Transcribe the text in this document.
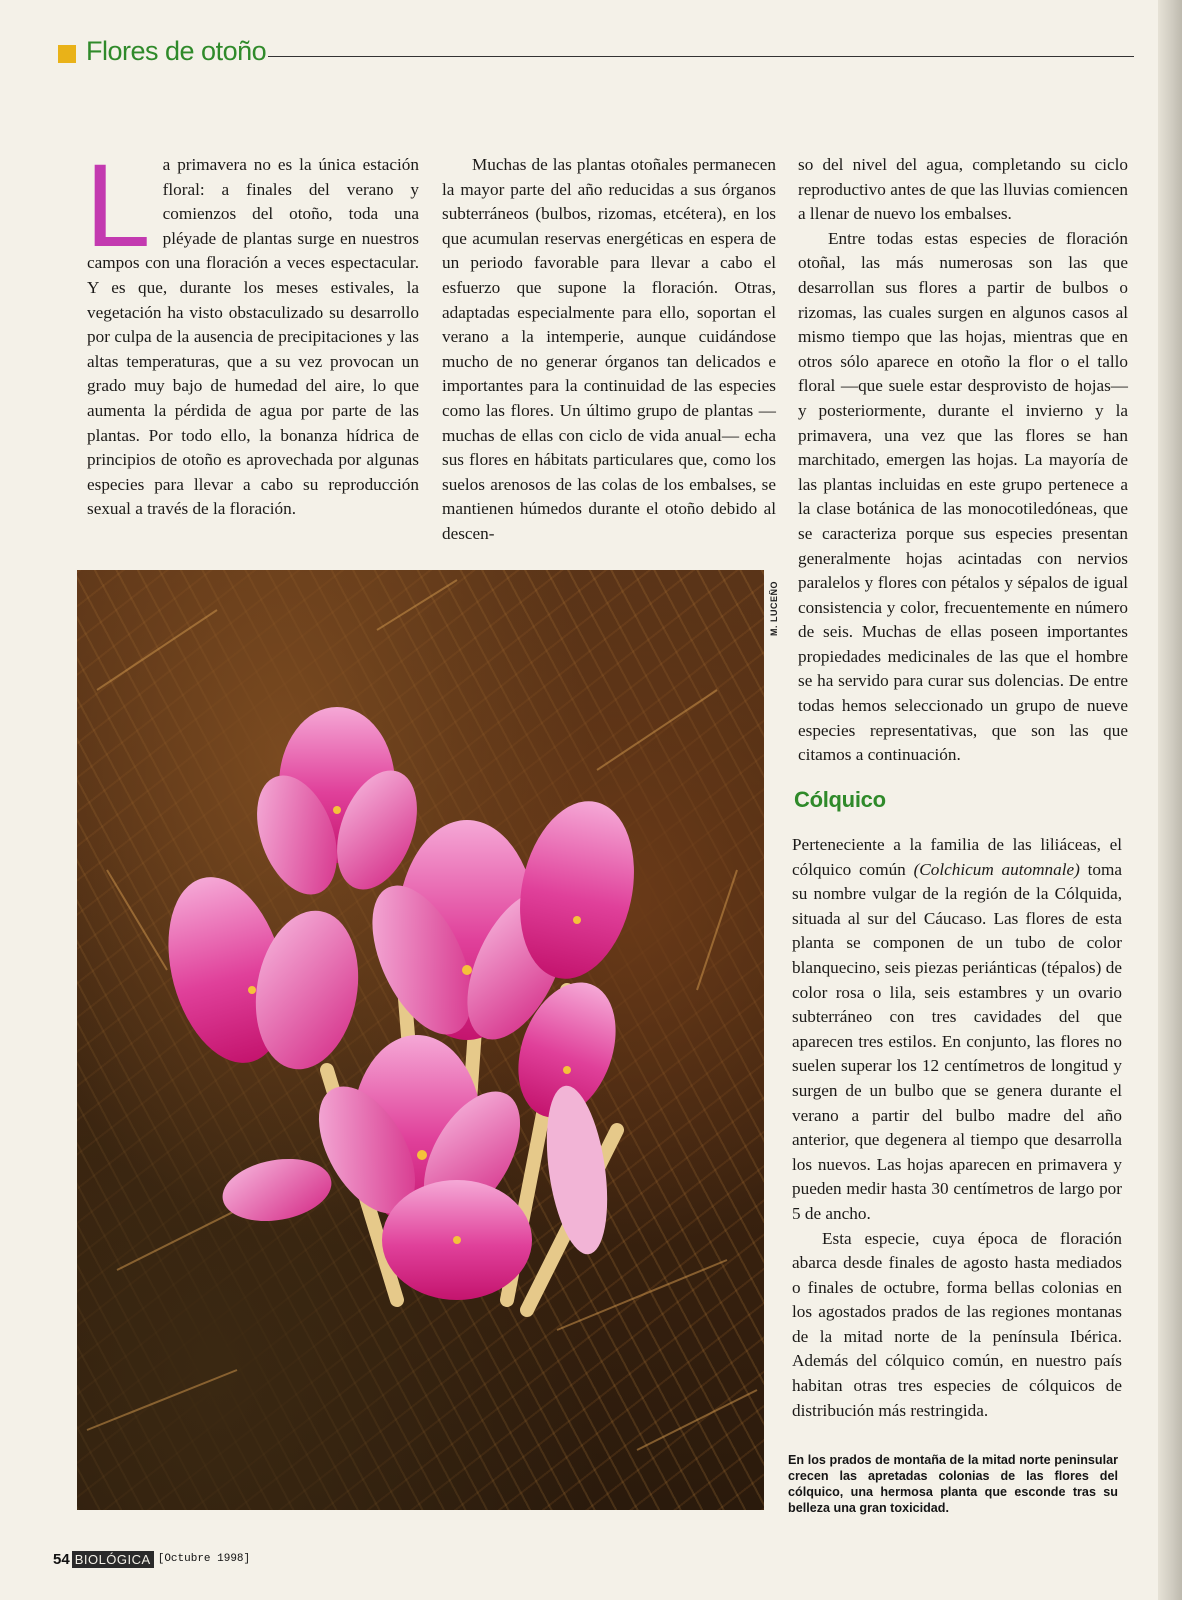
Flores de otoño

La primavera no es la única estación floral: a finales del verano y comienzos del otoño, toda una pléyade de plantas surge en nuestros campos con una floración a veces espectacular. Y es que, durante los meses estivales, la vegetación ha visto obstaculizado su desarrollo por culpa de la ausencia de precipitaciones y las altas temperaturas, que a su vez provocan un grado muy bajo de humedad del aire, lo que aumenta la pérdida de agua por parte de las plantas. Por todo ello, la bonanza hídrica de principios de otoño es aprovechada por algunas especies para llevar a cabo su reproducción sexual a través de la floración.

Muchas de las plantas otoñales permanecen la mayor parte del año reducidas a sus órganos subterráneos (bulbos, rizomas, etcétera), en los que acumulan reservas energéticas en espera de un periodo favorable para llevar a cabo el esfuerzo que supone la floración. Otras, adaptadas especialmente para ello, soportan el verano a la intemperie, aunque cuidándose mucho de no generar órganos tan delicados e importantes para la continuidad de las especies como las flores. Un último grupo de plantas —muchas de ellas con ciclo de vida anual— echa sus flores en hábitats particulares que, como los suelos arenosos de las colas de los embalses, se mantienen húmedos durante el otoño debido al descen-

so del nivel del agua, completando su ciclo reproductivo antes de que las lluvias comiencen a llenar de nuevo los embalses.

Entre todas estas especies de floración otoñal, las más numerosas son las que desarrollan sus flores a partir de bulbos o rizomas, las cuales surgen en algunos casos al mismo tiempo que las hojas, mientras que en otros sólo aparece en otoño la flor o el tallo floral —que suele estar desprovisto de hojas— y posteriormente, durante el invierno y la primavera, una vez que las flores se han marchitado, emergen las hojas. La mayoría de las plantas incluidas en este grupo pertenece a la clase botánica de las monocotiledóneas, que se caracteriza porque sus especies presentan generalmente hojas acintadas con nervios paralelos y flores con pétalos y sépalos de igual consistencia y color, frecuentemente en número de seis. Muchas de ellas poseen importantes propiedades medicinales de las que el hombre se ha servido para curar sus dolencias. De entre todas hemos seleccionado un grupo de nueve especies representativas, que son las que citamos a continuación.

Cólquico

Perteneciente a la familia de las liliáceas, el cólquico común (Colchicum automnale) toma su nombre vulgar de la región de la Cólquida, situada al sur del Cáucaso. Las flores de esta planta se componen de un tubo de color blanquecino, seis piezas periánticas (tépalos) de color rosa o lila, seis estambres y un ovario subterráneo con tres cavidades del que aparecen tres estilos. En conjunto, las flores no suelen superar los 12 centímetros de longitud y surgen de un bulbo que se genera durante el verano a partir del bulbo madre del año anterior, que degenera al tiempo que desarrolla los nuevos. Las hojas aparecen en primavera y pueden medir hasta 30 centímetros de largo por 5 de ancho.

Esta especie, cuya época de floración abarca desde finales de agosto hasta mediados o finales de octubre, forma bellas colonias en los agostados prados de las regiones montanas de la mitad norte de la península Ibérica. Además del cólquico común, en nuestro país habitan otras tres especies de cólquicos de distribución más restringida.

M. LUCEÑO
En los prados de montaña de la mitad norte peninsular crecen las apretadas colonias de las flores del cólquico, una hermosa planta que esconde tras su belleza una gran toxicidad.
54 BIOLÓGICA [Octubre 1998]
